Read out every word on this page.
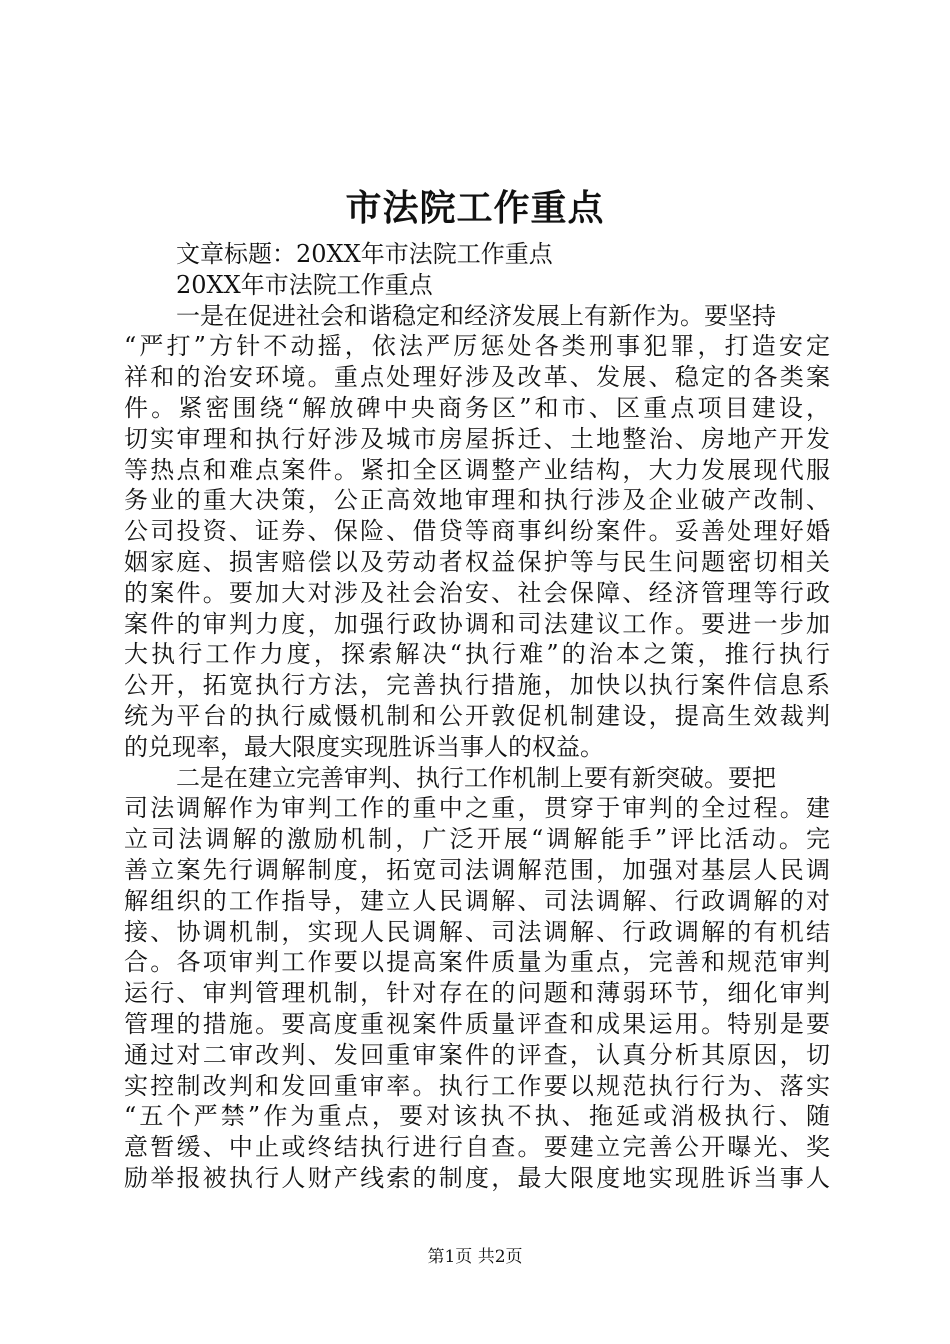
市法院工作重点
文章标题：20XX年市法院工作重点
20XX年市法院工作重点
一是在促进社会和谐稳定和经济发展上有新作为。要坚持
“严打”方针不动摇，依法严厉惩处各类刑事犯罪，打造安定
祥和的治安环境。重点处理好涉及改革、发展、稳定的各类案
件。紧密围绕“解放碑中央商务区”和市、区重点项目建设，
切实审理和执行好涉及城市房屋拆迁、土地整治、房地产开发
等热点和难点案件。紧扣全区调整产业结构，大力发展现代服
务业的重大决策，公正高效地审理和执行涉及企业破产改制、
公司投资、证券、保险、借贷等商事纠纷案件。妥善处理好婚
姻家庭、损害赔偿以及劳动者权益保护等与民生问题密切相关
的案件。要加大对涉及社会治安、社会保障、经济管理等行政
案件的审判力度，加强行政协调和司法建议工作。要进一步加
大执行工作力度，探索解决“执行难”的治本之策，推行执行
公开，拓宽执行方法，完善执行措施，加快以执行案件信息系
统为平台的执行威慑机制和公开敦促机制建设，提高生效裁判
的兑现率，最大限度实现胜诉当事人的权益。
二是在建立完善审判、执行工作机制上要有新突破。要把
司法调解作为审判工作的重中之重，贯穿于审判的全过程。建
立司法调解的激励机制，广泛开展“调解能手”评比活动。完
善立案先行调解制度，拓宽司法调解范围，加强对基层人民调
解组织的工作指导，建立人民调解、司法调解、行政调解的对
接、协调机制，实现人民调解、司法调解、行政调解的有机结
合。各项审判工作要以提高案件质量为重点，完善和规范审判
运行、审判管理机制，针对存在的问题和薄弱环节，细化审判
管理的措施。要高度重视案件质量评查和成果运用。特别是要
通过对二审改判、发回重审案件的评查，认真分析其原因，切
实控制改判和发回重审率。执行工作要以规范执行行为、落实
“五个严禁”作为重点，要对该执不执、拖延或消极执行、随
意暂缓、中止或终结执行进行自查。要建立完善公开曝光、奖
励举报被执行人财产线索的制度，最大限度地实现胜诉当事人
第1页 共2页
